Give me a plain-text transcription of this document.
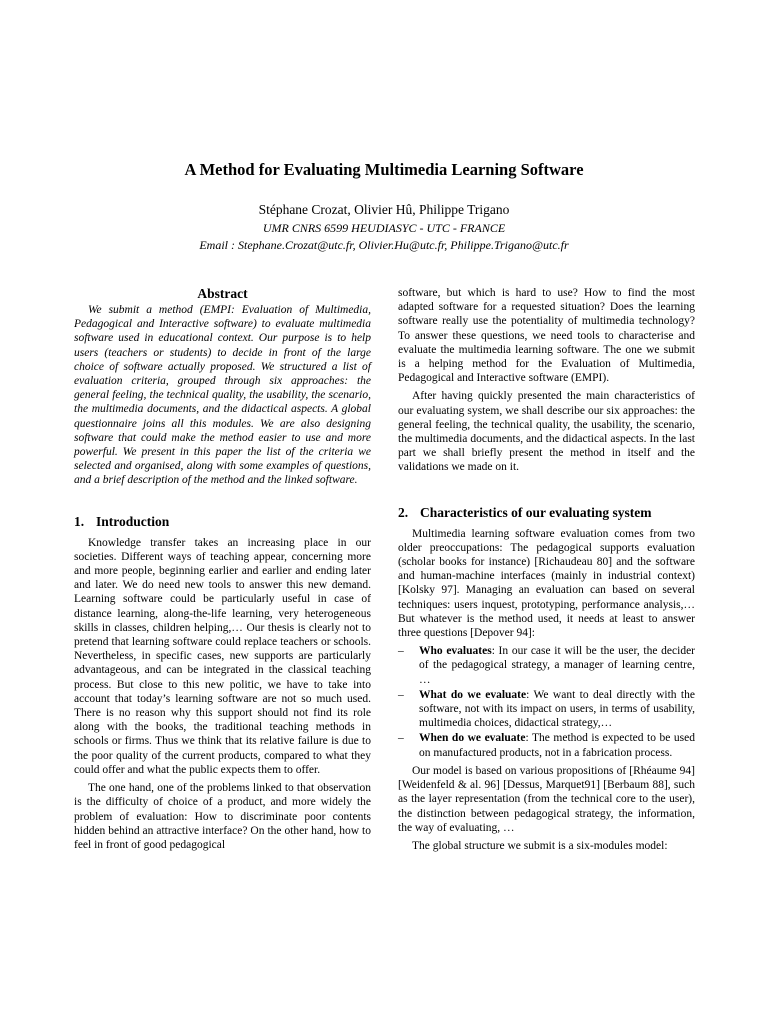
A Method for Evaluating Multimedia Learning Software
Stéphane Crozat, Olivier Hû, Philippe Trigano
UMR CNRS 6599 HEUDIASYC - UTC - FRANCE
Email : Stephane.Crozat@utc.fr, Olivier.Hu@utc.fr, Philippe.Trigano@utc.fr
Abstract

We submit a method (EMPI: Evaluation of Multimedia, Pedagogical and Interactive software) to evaluate multimedia software used in educational context. Our purpose is to help users (teachers or students) to decide in front of the large choice of software actually proposed. We structured a list of evaluation criteria, grouped through six approaches: the general feeling, the technical quality, the usability, the scenario, the multimedia documents, and the didactical aspects. A global questionnaire joins all this modules. We are also designing software that could make the method easier to use and more powerful. We present in this paper the list of the criteria we selected and organised, along with some examples of questions, and a brief description of the method and the linked software.

1. Introduction

Knowledge transfer takes an increasing place in our societies. Different ways of teaching appear, concerning more and more people, beginning earlier and earlier and ending later and later. We do need new tools to answer this new demand. Learning software could be particularly useful in case of distance learning, along-the-life learning, very heterogeneous skills in classes, children helping,… Our thesis is clearly not to pretend that learning software could replace teachers or schools. Nevertheless, in specific cases, new supports are particularly advantageous, and can be integrated in the classical teaching process. But close to this new politic, we have to take into account that today’s learning software are not so much used. There is no reason why this support should not find its role along with the books, the traditional teaching methods in schools or firms. Thus we think that its relative failure is due to the poor quality of the current products, compared to what they could offer and what the public expects them to offer.

The one hand, one of the problems linked to that observation is the difficulty of choice of a product, and more widely the problem of evaluation: How to discriminate poor contents hidden behind an attractive interface? On the other hand, how to feel in front of good pedagogical

software, but which is hard to use? How to find the most adapted software for a requested situation? Does the learning software really use the potentiality of multimedia technology? To answer these questions, we need tools to characterise and evaluate the multimedia learning software. The one we submit is a helping method for the Evaluation of Multimedia, Pedagogical and Interactive software (EMPI).

After having quickly presented the main characteristics of our evaluating system, we shall describe our six approaches: the general feeling, the technical quality, the usability, the scenario, the multimedia documents, and the didactical aspects. In the last part we shall briefly present the method in itself and the validations we made on it.

2. Characteristics of our evaluating system

Multimedia learning software evaluation comes from two older preoccupations: The pedagogical supports evaluation (scholar books for instance) [Richaudeau 80] and the software and human-machine interfaces (mainly in industrial context) [Kolsky 97]. Managing an evaluation can based on several techniques: users inquest, prototyping, performance analysis,… But whatever is the method used, it needs at least to answer three questions [Depover 94]:

– Who evaluates: In our case it will be the user, the decider of the pedagogical strategy, a manager of learning centre, …
– What do we evaluate: We want to deal directly with the software, not with its impact on users, in terms of usability, multimedia choices, didactical strategy,…
– When do we evaluate: The method is expected to be used on manufactured products, not in a fabrication process.

Our model is based on various propositions of [Rhéaume 94] [Weidenfeld & al. 96] [Dessus, Marquet91] [Berbaum 88], such as the layer representation (from the technical core to the user), the distinction between pedagogical strategy, the information, the way of evaluating, …

The global structure we submit is a six-modules model:
